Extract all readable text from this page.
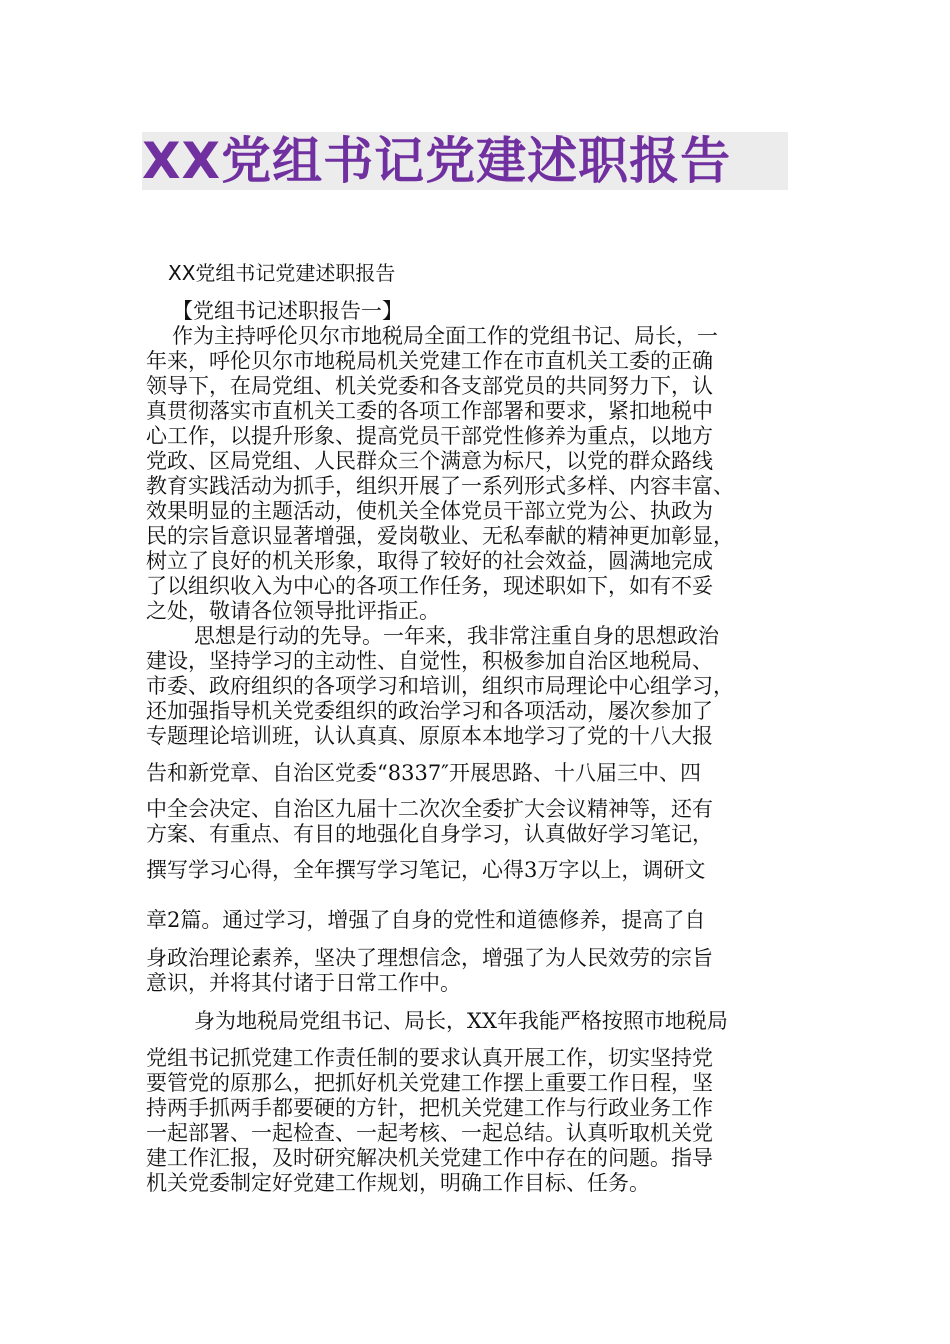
XX党组书记党建述职报告

XX党组书记党建述职报告

【党组书记述职报告一】

作为主持呼伦贝尔市地税局全面工作的党组书记、局长，一

年来，呼伦贝尔市地税局机关党建工作在市直机关工委的正确

领导下，在局党组、机关党委和各支部党员的共同努力下，认

真贯彻落实市直机关工委的各项工作部署和要求，紧扣地税中

心工作，以提升形象、提高党员干部党性修养为重点，以地方

党政、区局党组、人民群众三个满意为标尺，以党的群众路线

教育实践活动为抓手，组织开展了一系列形式多样、内容丰富、

效果明显的主题活动，使机关全体党员干部立党为公、执政为

民的宗旨意识显著增强，爱岗敬业、无私奉献的精神更加彰显，

树立了良好的机关形象，取得了较好的社会效益，圆满地完成

了以组织收入为中心的各项工作任务，现述职如下，如有不妥

之处，敬请各位领导批评指正。

思想是行动的先导。一年来，我非常注重自身的思想政治

建设，坚持学习的主动性、自觉性，积极参加自治区地税局、

市委、政府组织的各项学习和培训，组织市局理论中心组学习，

还加强指导机关党委组织的政治学习和各项活动，屡次参加了

专题理论培训班，认认真真、原原本本地学习了党的十八大报

告和新党章、自治区党委“8337″开展思路、十八届三中、四

中全会决定、自治区九届十二次次全委扩大会议精神等，还有

方案、有重点、有目的地强化自身学习，认真做好学习笔记，

撰写学习心得，全年撰写学习笔记，心得3万字以上，调研文

章2篇。通过学习，增强了自身的党性和道德修养，提高了自

身政治理论素养，坚决了理想信念，增强了为人民效劳的宗旨

意识，并将其付诸于日常工作中。

身为地税局党组书记、局长，XX年我能严格按照市地税局

党组书记抓党建工作责任制的要求认真开展工作，切实坚持党

要管党的原那么，把抓好机关党建工作摆上重要工作日程，坚

持两手抓两手都要硬的方针，把机关党建工作与行政业务工作

一起部署、一起检查、一起考核、一起总结。认真听取机关党

建工作汇报，及时研究解决机关党建工作中存在的问题。指导

机关党委制定好党建工作规划，明确工作目标、任务。
